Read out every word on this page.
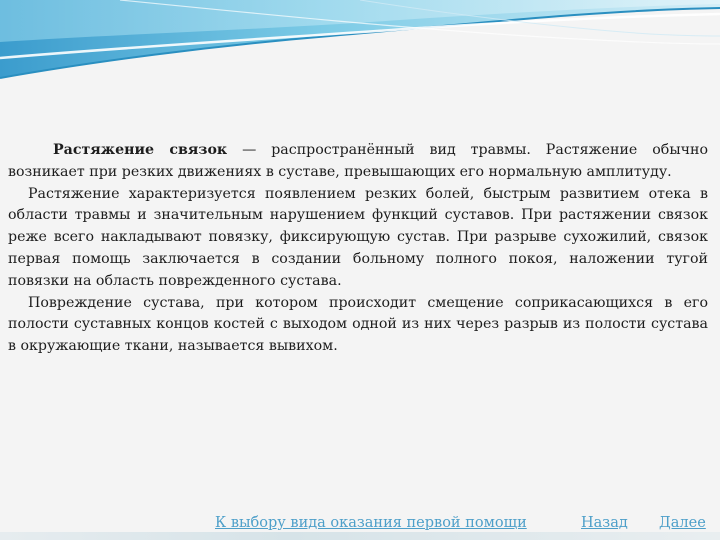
Растяжение связок — распространённый вид травмы. Растяжение обычно возникает при резких движениях в суставе, превышающих его нормальную амплитуду.

Растяжение характеризуется появлением резких болей, быстрым развитием отека в области травмы и значительным нарушением функций суставов. При растяжении связок реже всего накладывают повязку, фиксирующую сустав. При разрыве сухожилий, связок первая помощь заключается в создании больному полного покоя, наложении тугой повязки на область поврежденного сустава.

Повреждение сустава, при котором происходит смещение соприкасающихся в его полости суставных концов костей с выходом одной из них через разрыв из полости сустава в окружающие ткани, называется вывихом.

К выбору вида оказания первой помощи	Назад Далее
